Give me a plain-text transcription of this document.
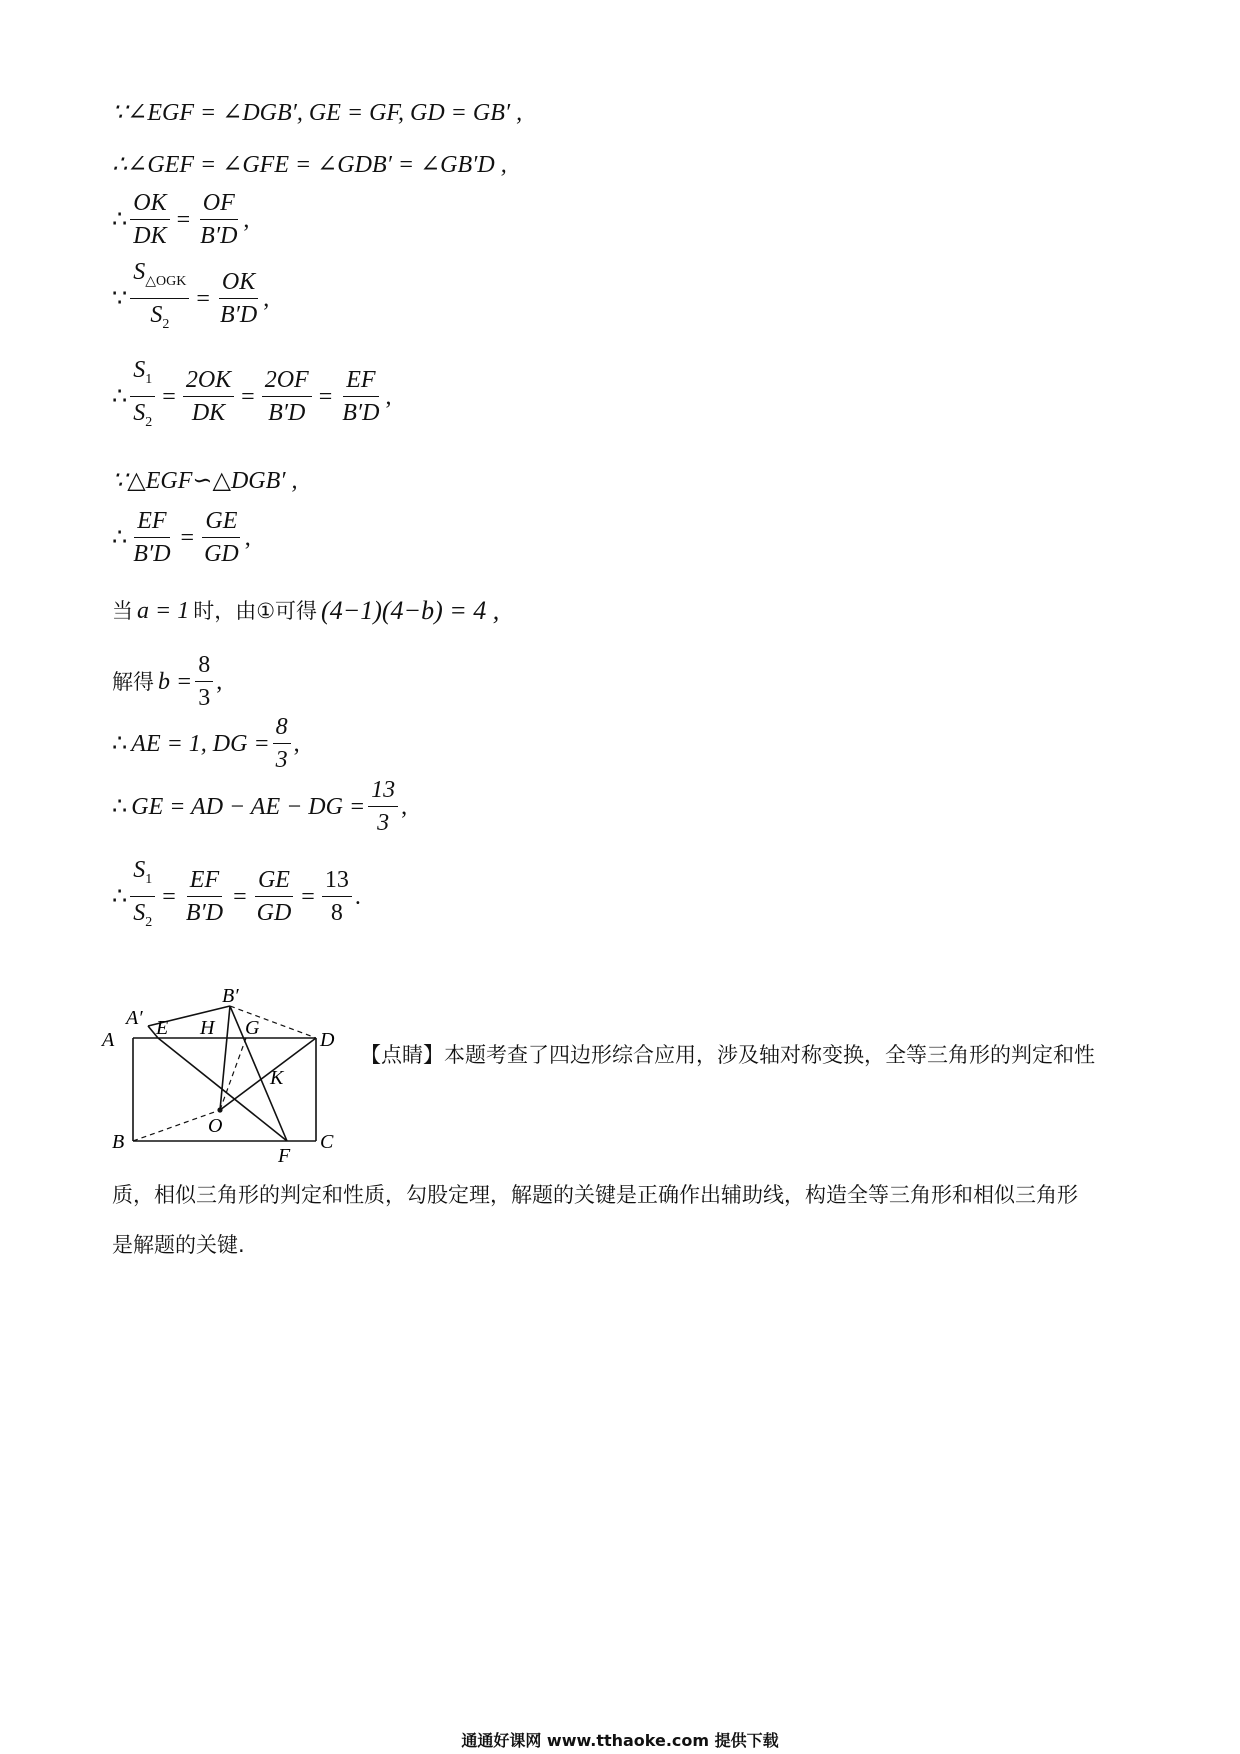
∵∠EGF = ∠DGB′, GE = GF, GD = GB′ ,
∴∠GEF = ∠GFE = ∠GDB′ = ∠GB′D ,
∴ $\frac{OK}{DK} = \frac{OF}{B'D}$ ,
∵ $\frac{S_{\triangle OGK}}{S_2} = \frac{OK}{B'D}$ ,
∴ $\frac{S_1}{S_2} = \frac{2OK}{DK} = \frac{2OF}{B'D} = \frac{EF}{B'D}$ ,
∵△EGF∽△DGB′ ,
∴ $\frac{EF}{B'D} = \frac{GE}{GD}$ ,
当 a = 1 时，由①可得 (4−1)(4−b) = 4 ,
解得 $b = \frac{8}{3}$ ,
∴ AE = 1, DG = $\frac{8}{3}$ ,
∴ GE = AD − AE − DG = $\frac{13}{3}$ ,
∴ $\frac{S_1}{S_2} = \frac{EF}{B'D} = \frac{GE}{GD} = \frac{13}{8}$ .
B′
A′
A
E H G
D
K
O
B	C
F
【点睛】本题考查了四边形综合应用，涉及轴对称变换，全等三角形的判定和性
质，相似三角形的判定和性质，勾股定理，解题的关键是正确作出辅助线，构造全等三角形和相似三角形
是解题的关键.
通通好课网 www.tthaoke.com 提供下载
